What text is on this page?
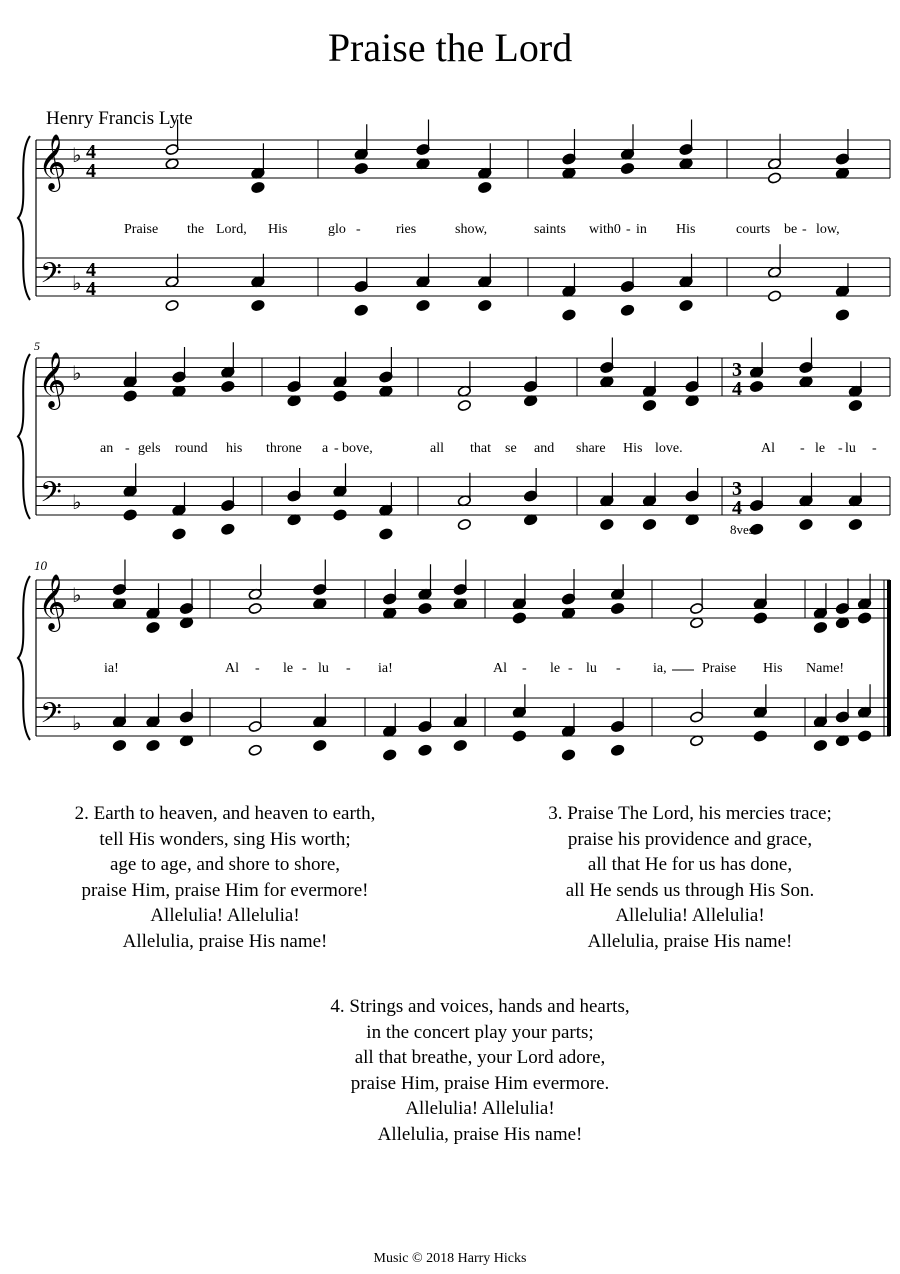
Praise the Lord
Henry Francis Lyte
𝄞
𝄢
♭
♭
4
4
4
4
𝄞
𝄢
♭
♭
𝄞
𝄢
♭
♭
3
4
3
4
Praise the Lord, His	glo -	ries	show,	saints with0 - in His	courts be - low,
an - gels round his throne a - bove,	all that se and share His love.	Al - le - lu -
ia!	Al - le - lu - ia!	Al - le - lu - ia,	Praise His Name!
5
10
8ves

2. Earth to heaven, and heaven to earth,

tell His wonders, sing His worth;

age to age, and shore to shore,

praise Him, praise Him for evermore!

Allelulia! Allelulia!

Allelulia, praise His name!

3. Praise The Lord, his mercies trace;

praise his providence and grace,

all that He for us has done,

all He sends us through His Son.

Allelulia! Allelulia!

Allelulia, praise His name!

4. Strings and voices, hands and hearts,

in the concert play your parts;

all that breathe, your Lord adore,

praise Him, praise Him evermore.

Allelulia! Allelulia!

Allelulia, praise His name!

Music © 2018 Harry Hicks
